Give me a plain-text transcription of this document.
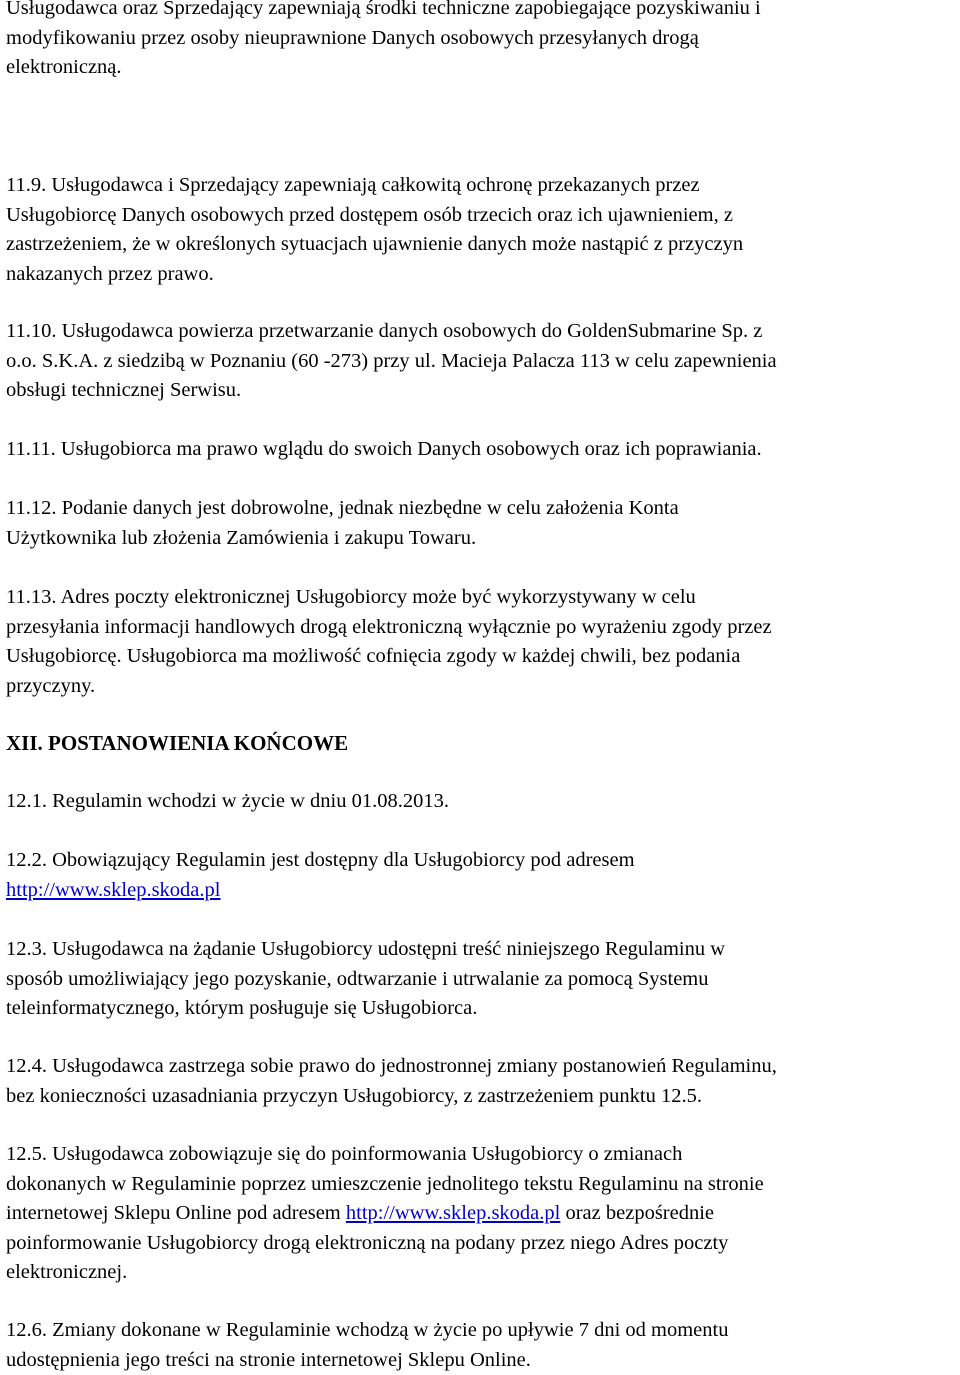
Usługodawca oraz Sprzedający zapewniają środki techniczne zapobiegające pozyskiwaniu i
modyfikowaniu przez osoby nieuprawnione Danych osobowych przesyłanych drogą
elektroniczną.

11.9. Usługodawca i Sprzedający zapewniają całkowitą ochronę przekazanych przez
Usługobiorcę Danych osobowych przed dostępem osób trzecich oraz ich ujawnieniem, z
zastrzeżeniem, że w określonych sytuacjach ujawnienie danych może nastąpić z przyczyn
nakazanych przez prawo.

11.10. Usługodawca powierza przetwarzanie danych osobowych do GoldenSubmarine Sp. z
o.o. S.K.A. z siedzibą w Poznaniu (60 -273) przy ul. Macieja Palacza 113 w celu zapewnienia
obsługi technicznej Serwisu.

11.11. Usługobiorca ma prawo wglądu do swoich Danych osobowych oraz ich poprawiania.

11.12. Podanie danych jest dobrowolne, jednak niezbędne w celu założenia Konta
Użytkownika lub złożenia Zamówienia i zakupu Towaru.

11.13. Adres poczty elektronicznej Usługobiorcy może być wykorzystywany w celu
przesyłania informacji handlowych drogą elektroniczną wyłącznie po wyrażeniu zgody przez
Usługobiorcę. Usługobiorca ma możliwość cofnięcia zgody w każdej chwili, bez podania
przyczyny.

XII. POSTANOWIENIA KOŃCOWE

12.1. Regulamin wchodzi w życie w dniu 01.08.2013.

12.2. Obowiązujący Regulamin jest dostępny dla Usługobiorcy pod adresem
http://www.sklep.skoda.pl

12.3. Usługodawca na żądanie Usługobiorcy udostępni treść niniejszego Regulaminu w
sposób umożliwiający jego pozyskanie, odtwarzanie i utrwalanie za pomocą Systemu
teleinformatycznego, którym posługuje się Usługobiorca.

12.4. Usługodawca zastrzega sobie prawo do jednostronnej zmiany postanowień Regulaminu,
bez konieczności uzasadniania przyczyn Usługobiorcy, z zastrzeżeniem punktu 12.5.

12.5. Usługodawca zobowiązuje się do poinformowania Usługobiorcy o zmianach
dokonanych w Regulaminie poprzez umieszczenie jednolitego tekstu Regulaminu na stronie
internetowej Sklepu Online pod adresem http://www.sklep.skoda.pl oraz bezpośrednie
poinformowanie Usługobiorcy drogą elektroniczną na podany przez niego Adres poczty
elektronicznej.

12.6. Zmiany dokonane w Regulaminie wchodzą w życie po upływie 7 dni od momentu
udostępnienia jego treści na stronie internetowej Sklepu Online.
